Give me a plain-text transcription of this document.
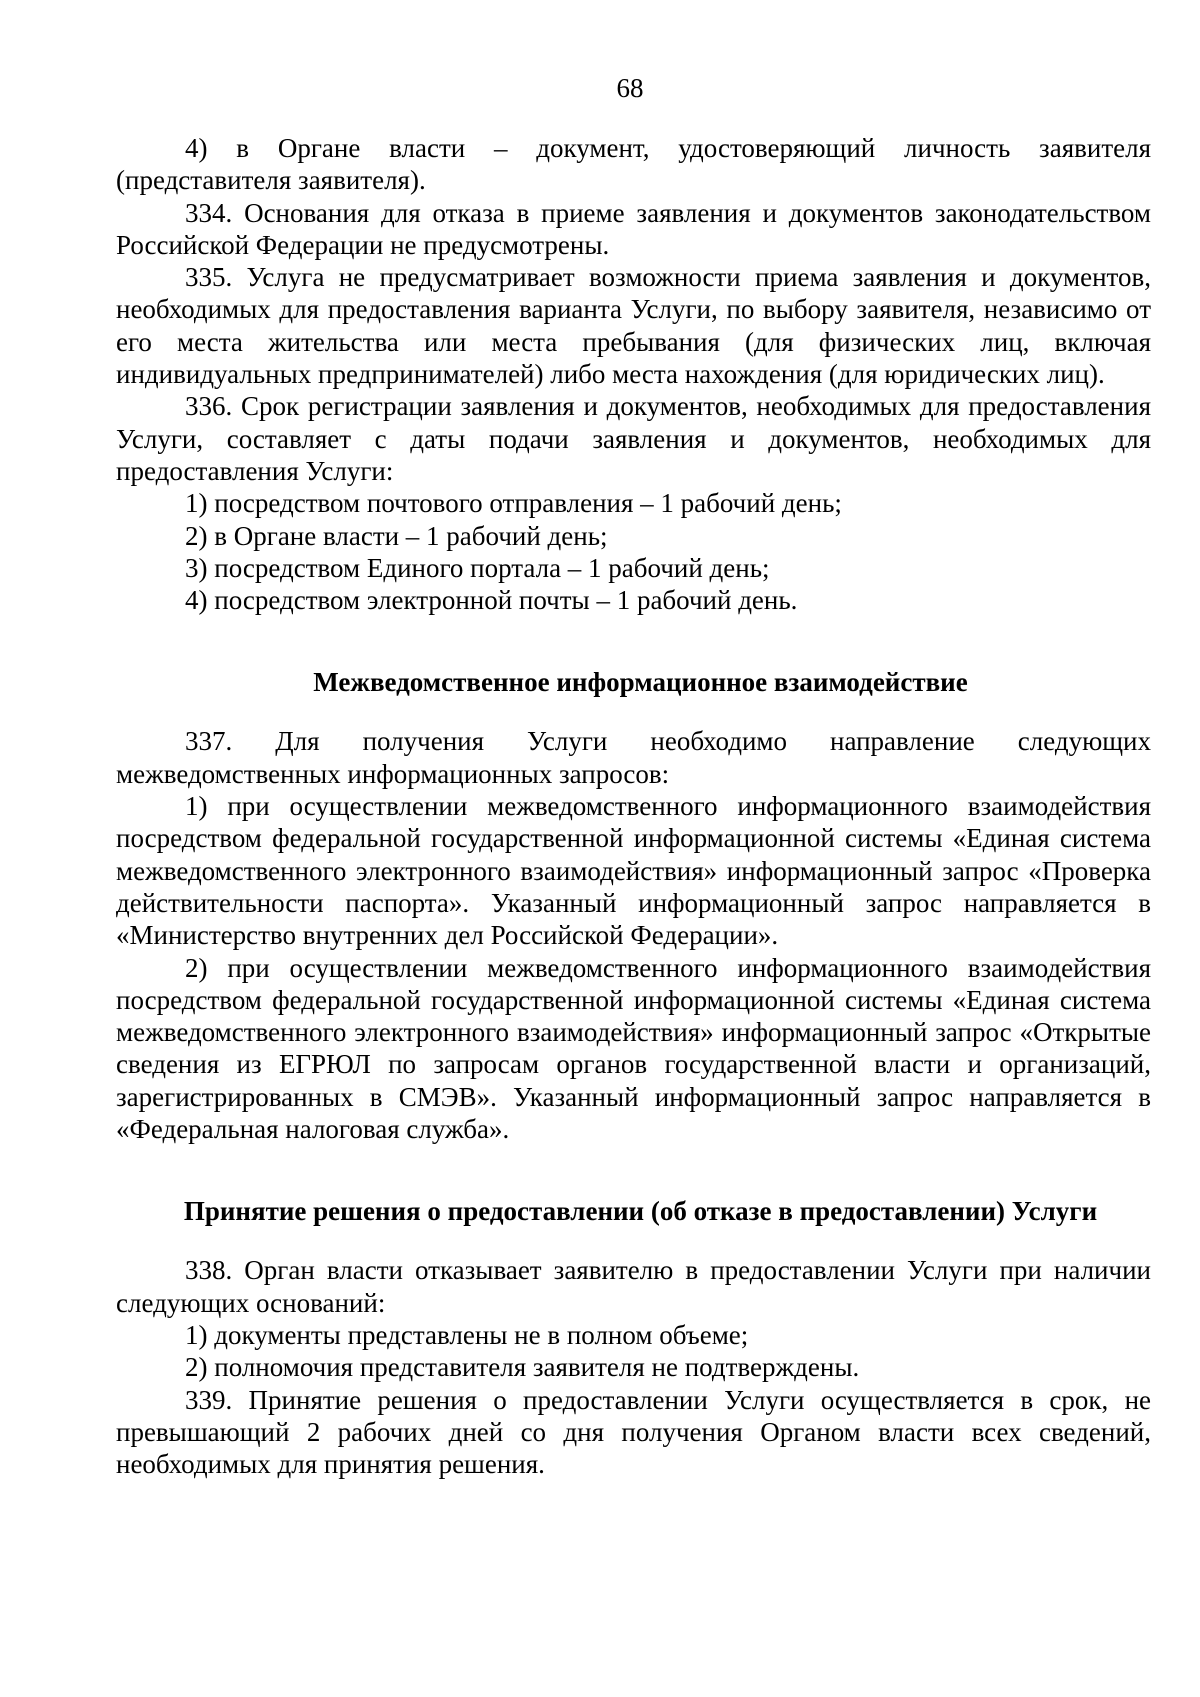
68

4) в Органе власти – документ, удостоверяющий личность заявителя (представителя заявителя).

334. Основания для отказа в приеме заявления и документов законодательством Российской Федерации не предусмотрены.

335. Услуга не предусматривает возможности приема заявления и документов, необходимых для предоставления варианта Услуги, по выбору заявителя, независимо от его места жительства или места пребывания (для физических лиц, включая индивидуальных предпринимателей) либо места нахождения (для юридических лиц).

336. Срок регистрации заявления и документов, необходимых для предоставления Услуги, составляет с даты подачи заявления и документов, необходимых для предоставления Услуги:

1) посредством почтового отправления – 1 рабочий день;

2) в Органе власти – 1 рабочий день;

3) посредством Единого портала – 1 рабочий день;

4) посредством электронной почты – 1 рабочий день.

Межведомственное информационное взаимодействие

337. Для получения Услуги необходимо направление следующих межведомственных информационных запросов:

1) при осуществлении межведомственного информационного взаимодействия посредством федеральной государственной информационной системы «Единая система межведомственного электронного взаимодействия» информационный запрос «Проверка действительности паспорта». Указанный информационный запрос направляется в «Министерство внутренних дел Российской Федерации».

2) при осуществлении межведомственного информационного взаимодействия посредством федеральной государственной информационной системы «Единая система межведомственного электронного взаимодействия» информационный запрос «Открытые сведения из ЕГРЮЛ по запросам органов государственной власти и организаций, зарегистрированных в СМЭВ». Указанный информационный запрос направляется в «Федеральная налоговая служба».

Принятие решения о предоставлении (об отказе в предоставлении) Услуги

338. Орган власти отказывает заявителю в предоставлении Услуги при наличии следующих оснований:

1) документы представлены не в полном объеме;

2) полномочия представителя заявителя не подтверждены.

339. Принятие решения о предоставлении Услуги осуществляется в срок, не превышающий 2 рабочих дней со дня получения Органом власти всех сведений, необходимых для принятия решения.
